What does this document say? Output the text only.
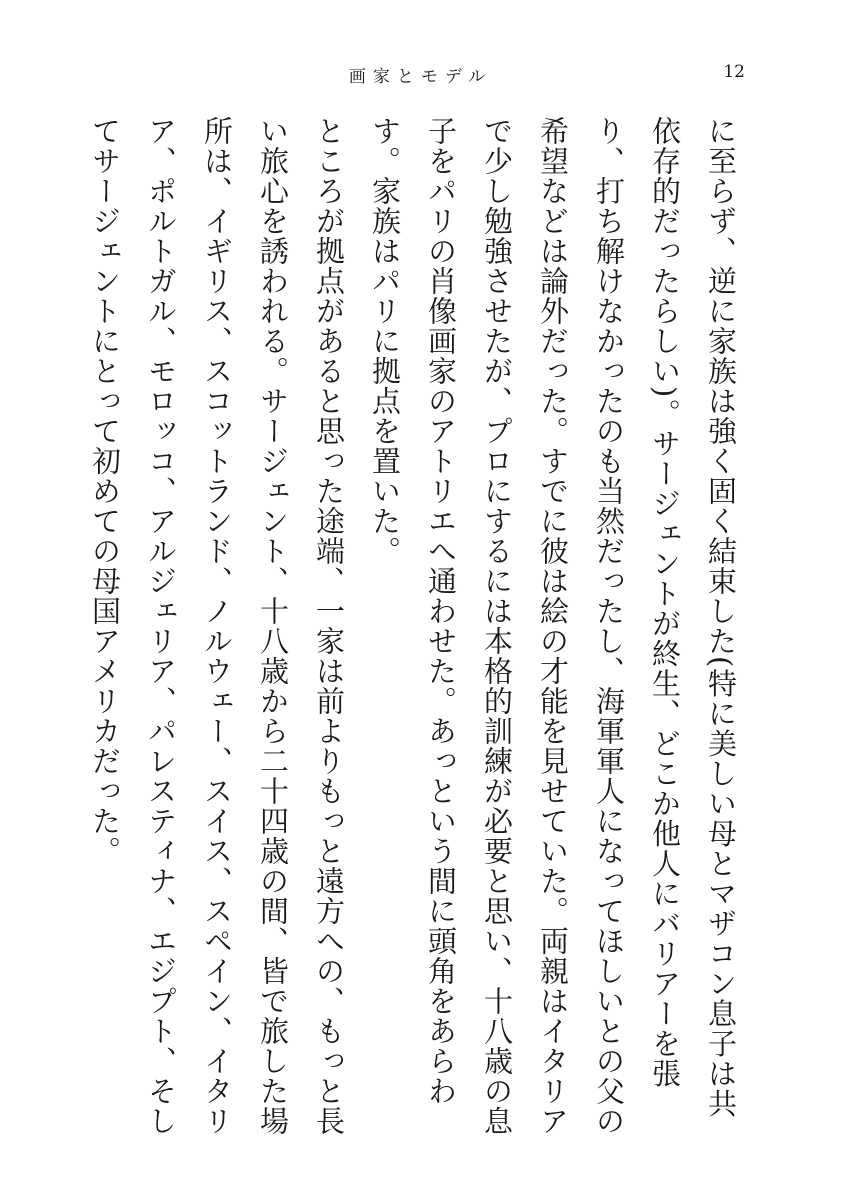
画家とモデル	12

に至らず、逆に家族は強く固く結束した(特に美しい母とマザコン息子は共依存的だったらしい)。サージェントが終生、どこか他人にバリアーを張り、打ち解けなかったのも当然だったし、海軍軍人になってほしいとの父の希望などは論外だった。すでに彼は絵の才能を見せていた。両親はイタリアで少し勉強させたが、プロにするには本格的訓練が必要と思い、十八歳の息子をパリの肖像画家のアトリエへ通わせた。あっという間に頭角をあらわす。家族はパリに拠点を置いた。

ところが拠点があると思った途端、一家は前よりもっと遠方への、もっと長い旅心を誘われる。サージェント、十八歳から二十四歳の間、皆で旅した場所は、イギリス、スコットランド、ノルウェー、スイス、スペイン、イタリア、ポルトガル、モロッコ、アルジェリア、パレスティナ、エジプト、そしてサージェントにとって初めての母国アメリカだった。
